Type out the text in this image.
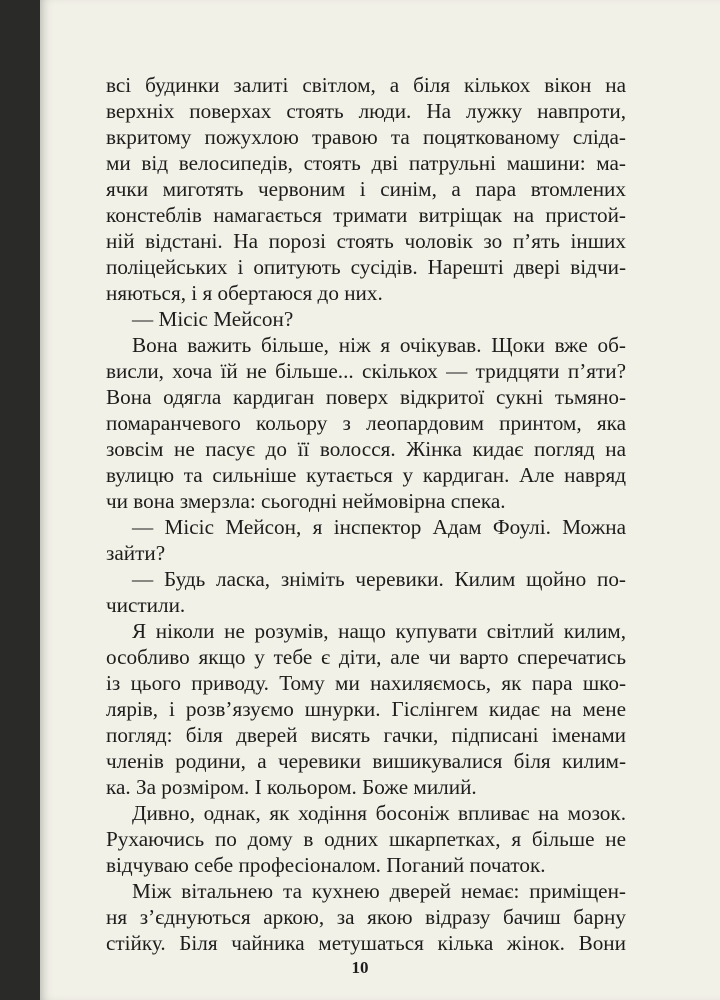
всі будинки залиті світлом, а біля кількох вікон на

верхніх поверхах стоять люди. На лужку навпроти,

вкритому пожухлою травою та поцяткованому сліда-

ми від велосипедів, стоять дві патрульні машини: ма-

ячки миготять червоним і синім, а пара втомлених

констеблів намагається тримати витріщак на пристой-

ній відстані. На порозі стоять чоловік зо п’ять інших

поліцейських і опитують сусідів. Нарешті двері відчи-

няються, і я обертаюся до них.

— Місіс Мейсон?

Вона важить більше, ніж я очікував. Щоки вже об-

висли, хоча їй не більше... скількох — тридцяти п’яти?

Вона одягла кардиган поверх відкритої сукні тьмяно-

помаранчевого кольору з леопардовим принтом, яка

зовсім не пасує до її волосся. Жінка кидає погляд на

вулицю та сильніше кутається у кардиган. Але навряд

чи вона змерзла: сьогодні неймовірна спека.

— Місіс Мейсон, я інспектор Адам Фоулі. Можна

зайти?

— Будь ласка, зніміть черевики. Килим щойно по-

чистили.

Я ніколи не розумів, нащо купувати світлий килим,

особливо якщо у тебе є діти, але чи варто сперечатись

із цього приводу. Тому ми нахиляємось, як пара шко-

лярів, і розв’язуємо шнурки. Гіслінгем кидає на мене

погляд: біля дверей висять гачки, підписані іменами

членів родини, а черевики вишикувалися біля килим-

ка. За розміром. І кольором. Боже милий.

Дивно, однак, як ходіння босоніж впливає на мозок.

Рухаючись по дому в одних шкарпетках, я більше не

відчуваю себе професіоналом. Поганий початок.

Між вітальнею та кухнею дверей немає: приміщен-

ня з’єднуються аркою, за якою відразу бачиш барну

стійку. Біля чайника метушаться кілька жінок. Вони

10
